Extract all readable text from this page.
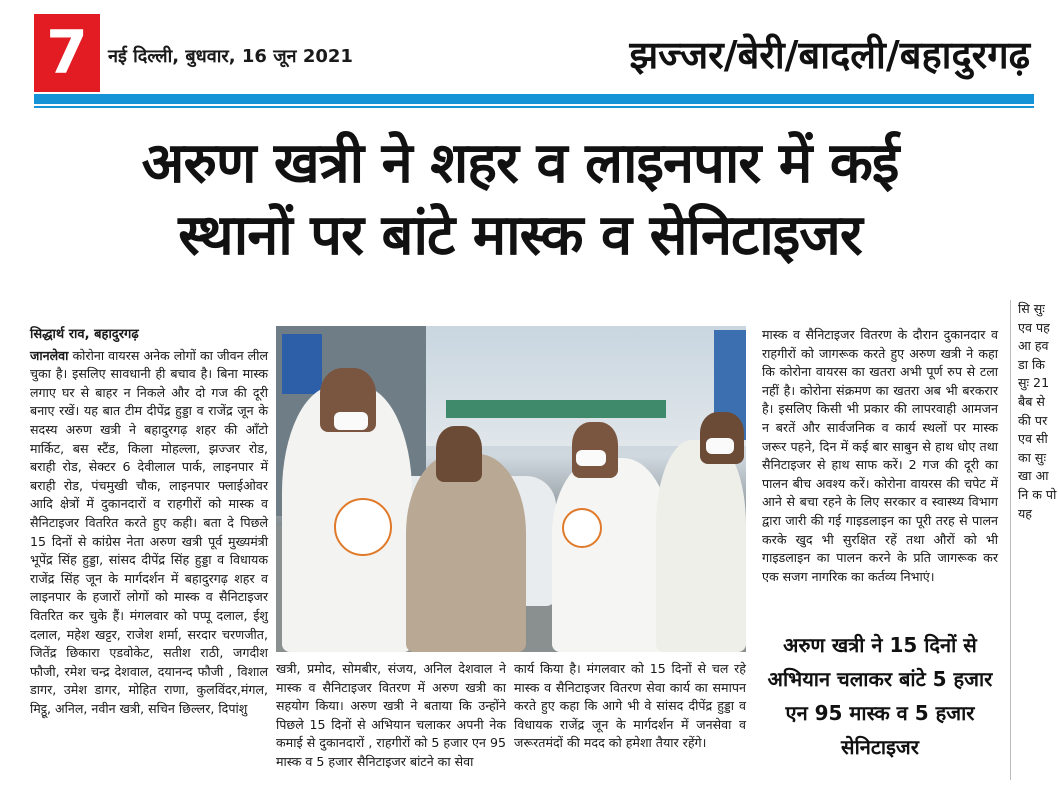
7	नई दिल्ली, बुधवार, 16 जून 2021	झज्जर/बेरी/बादली/बहादुरगढ़
अरुण खत्री ने शहर व लाइनपार में कई
स्थानों पर बांटे मास्क व सेनिटाइजर
सिद्धार्थ राव, बहादुरगढ़

जानलेवा कोरोना वायरस अनेक लोगों का जीवन लील चुका है। इसलिए सावधानी ही बचाव है। बिना मास्क लगाए घर से बाहर न निकले और दो गज की दूरी बनाए रखें। यह बात टीम दीपेंद्र हुड्डा व राजेंद्र जून के सदस्य अरुण खत्री ने बहादुरगढ़ शहर की आँटो मार्किट, बस स्टैंड, किला मोहल्ला, झज्जर रोड, बराही रोड, सेक्टर 6 देवीलाल पार्क, लाइनपार में बराही रोड, पंचमुखी चौक, लाइनपार फ्लाईओवर आदि क्षेत्रों में दुकानदारों व राहगीरों को मास्क व सैनिटाइजर वितरित करते हुए कही। बता दे पिछले 15 दिनों से कांग्रेस नेता अरुण खत्री पूर्व मुख्यमंत्री भूपेंद्र सिंह हुड्डा, सांसद दीपेंद्र सिंह हुड्डा व विधायक राजेंद्र सिंह जून के मार्गदर्शन में बहादुरगढ़ शहर व लाइनपार के हजारों लोगों को मास्क व सैनिटाइजर वितरित कर चुके हैं। मंगलवार को पप्पू दलाल, ईशु दलाल, महेश खट्टर, राजेश शर्मा, सरदार चरणजीत, जितेंद्र छिकारा एडवोकेट, सतीश राठी, जगदीश फौजी, रमेश चन्द्र देशवाल, दयानन्द फौजी , विशाल डागर, उमेश डागर, मोहित राणा, कुलविंदर,मंगल, मिट्ठू, अनिल, नवीन खत्री, सचिन छिल्लर, दिपांशु

खत्री, प्रमोद, सोमबीर, संजय, अनिल देशवाल ने मास्क व सैनिटाइजर वितरण में अरुण खत्री का सहयोग किया। अरुण खत्री ने बताया कि उन्होंने पिछले 15 दिनों से अभियान चलाकर अपनी नेक कमाई से दुकानदारों , राहगीरों को 5 हजार एन 95 मास्क व 5 हजार सैनिटाइजर बांटने का सेवा
कार्य किया है। मंगलवार को 15 दिनों से चल रहे मास्क व सैनिटाइजर वितरण सेवा कार्य का समापन करते हुए कहा कि आगे भी वे सांसद दीपेंद्र हुड्डा व विधायक राजेंद्र जून के मार्गदर्शन में जनसेवा व जरूरतमंदों की मदद को हमेशा तैयार रहेंगे।
मास्क व सैनिटाइजर वितरण के दौरान दुकानदार व राहगीरों को जागरूक करते हुए अरुण खत्री ने कहा कि कोरोना वायरस का खतरा अभी पूर्ण रुप से टला नहीं है। कोरोना संक्रमण का खतरा अब भी बरकरार है। इसलिए किसी भी प्रकार की लापरवाही आमजन न बरतें और सार्वजनिक व कार्य स्थलों पर मास्क जरूर पहने, दिन में कई बार साबुन से हाथ धोए तथा सैनिटाइजर से हाथ साफ करें। 2 गज की दूरी का पालन बीच अवश्य करें। कोरोना वायरस की चपेट में आने से बचा रहने के लिए सरकार व स्वास्थ्य विभाग द्वारा जारी की गई गाइडलाइन का पूरी तरह से पालन करके खुद भी सुरक्षित रहें तथा औरों को भी गाइडलाइन का पालन करने के प्रति जागरूक कर एक सजग नागरिक का कर्तव्य निभाएं।
अरुण खत्री ने 15 दिनों से अभियान चलाकर बांटे 5 हजार एन 95 मास्क व 5 हजार सेनिटाइजर
सि सुः एव पह आ हव डा कि सुः 21 बैब से की पर एव सी का सुः खा आ नि क पो यह
